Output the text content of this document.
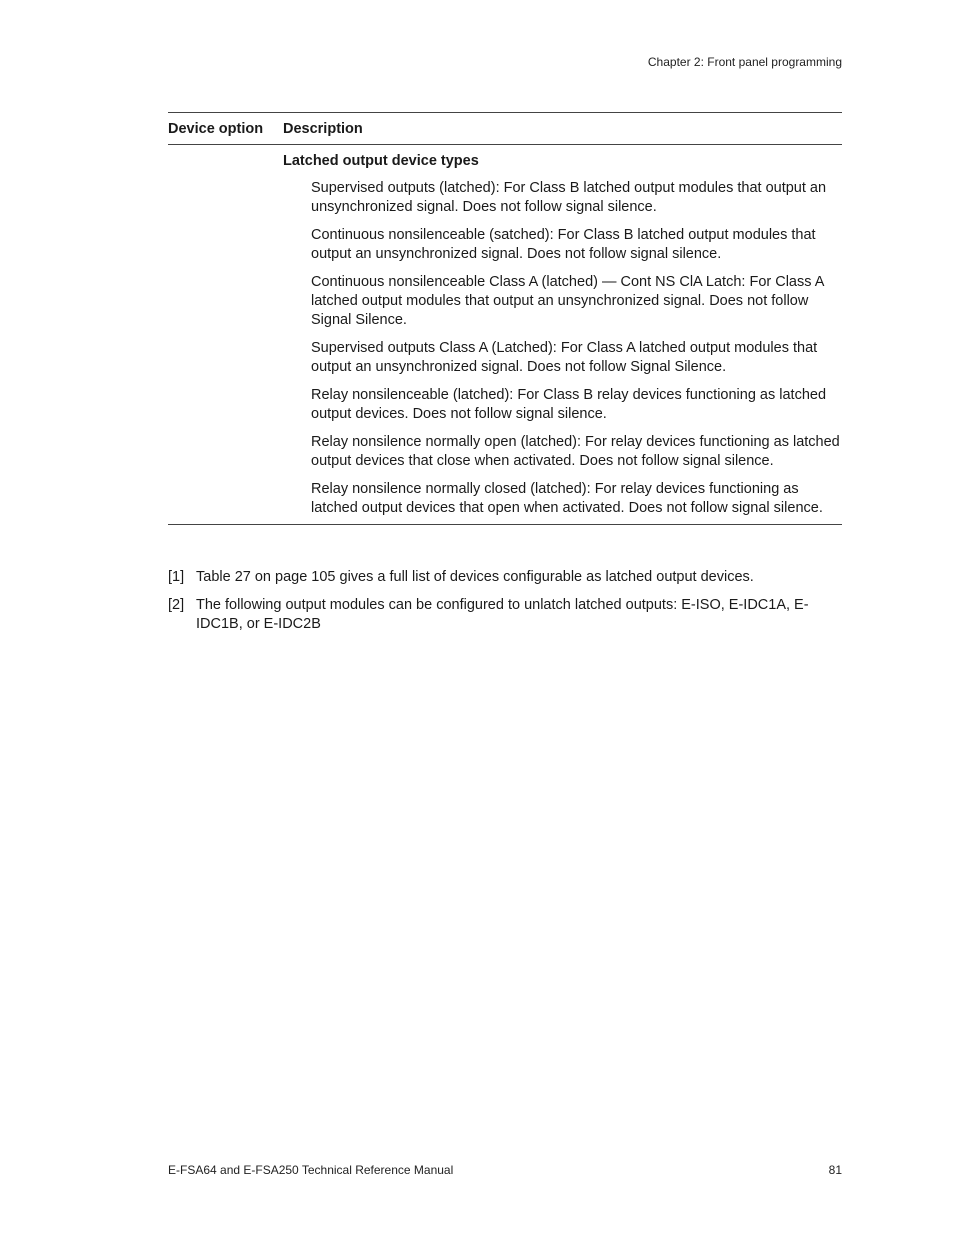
Chapter 2: Front panel programming
Device option	Description
Latched output device types
Supervised outputs (latched): For Class B latched output modules that output an unsynchronized signal. Does not follow signal silence.
Continuous nonsilenceable (satched): For Class B latched output modules that output an unsynchronized signal. Does not follow signal silence.
Continuous nonsilenceable Class A (latched) — Cont NS ClA Latch: For Class A latched output modules that output an unsynchronized signal. Does not follow Signal Silence.
Supervised outputs Class A (Latched): For Class A latched output modules that output an unsynchronized signal. Does not follow Signal Silence.
Relay nonsilenceable (latched): For Class B relay devices functioning as latched output devices. Does not follow signal silence.
Relay nonsilence normally open (latched): For relay devices functioning as latched output devices that close when activated. Does not follow signal silence.
Relay nonsilence normally closed (latched): For relay devices functioning as latched output devices that open when activated. Does not follow signal silence.
[1] Table 27 on page 105 gives a full list of devices configurable as latched output devices.
[2] The following output modules can be configured to unlatch latched outputs: E-ISO, E-IDC1A, E-IDC1B, or E-IDC2B
E-FSA64 and E-FSA250 Technical Reference Manual	81
